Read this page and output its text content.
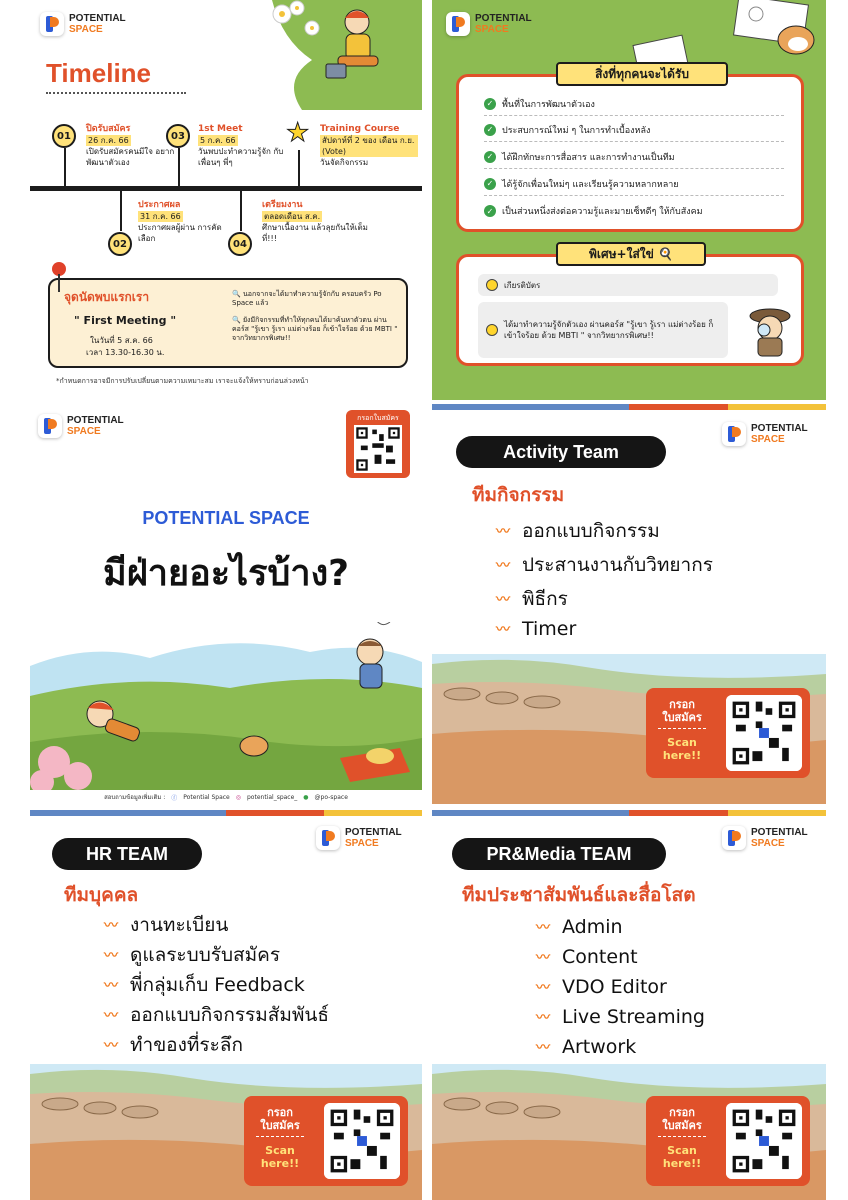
POTENTIAL
SPACE
Timeline
01
ปิดรับสมัคร
26 ก.ค. 66
เปิดรับสมัครคนมีใจ อยากพัฒนาตัวเอง
03
1st Meet
5 ก.ค. 66
วันพบปะทำความรู้จัก กับเพื่อนๆ พี่ๆ
★ Training Course
สัปดาห์ที่ 2 ของ เดือน ก.ย. (Vote)
วันจัดกิจกรรม
02
ประกาศผล
31 ก.ค. 66
ประกาศผลผู้ผ่าน การคัดเลือก	04
เตรียมงาน
ตลอดเดือน ส.ค.
ศึกษาเนื้องาน แล้วลุยกันให้เต็มที่!!!
จุดนัดพบแรกเรา
" First Meeting "
ในวันที่ 5 ส.ค. 66
เวลา 13.30-16.30 น.
🔍 นอกจากจะได้มาทำความรู้จักกับ ครอบครัว Po Space แล้ว
🔍 ยังมีกิจกรรมที่ทำให้ทุกคนได้มาค้นหาตัวตน ผ่านคอร์ส "รู้เขา รู้เรา แม่ต่างร้อย ก็เข้าใจร้อย ด้วย MBTI " จากวิทยากรพิเศษ!!
*กำหนดการอาจมีการปรับเปลี่ยนตามความเหมาะสม เราจะแจ้งให้ทราบก่อนล่วงหน้า
POTENTIAL
SPACE
สิ่งที่ทุกคนจะได้รับ
✓ พื้นที่ในการพัฒนาตัวเอง
✓ ประสบการณ์ใหม่ ๆ ในการทำเบื้องหลัง
✓ ได้ฝึกทักษะการสื่อสาร และการทำงานเป็นทีม
✓ ได้รู้จักเพื่อนใหม่ๆ และเรียนรู้ความหลากหลาย
✓ เป็นส่วนหนึ่งส่งต่อความรู้และมายเซ็ทดีๆ ให้กับสังคม
พิเศษ+ใส่ใข่
🍳
เกียรติบัตร
ได้มาทำความรู้จักตัวเอง ผ่านคอร์ส "รู้เขา รู้เรา แม่ต่างร้อย ก็เข้าใจร้อย ด้วย MBTI " จากวิทยากรพิเศษ!!
POTENTIAL
SPACE
กรอกใบสมัคร
POTENTIAL SPACE
มีฝ่ายอะไรบ้าง?
สอบถามข้อมูลเพิ่มเติม : ⓕ Potential Space ◎ potential_space_ ● @po-space
POTENTIAL
SPACE
Activity Team
ทีมกิจกรรม
〰 ออกแบบกิจกรรม
〰 ประสานงานกับวิทยากร
〰 พิธีกร
〰 Timer
กรอก
ใบสมัคร
Scan
here!!
POTENTIAL
SPACE
HR TEAM
ทีมบุคคล
〰 งานทะเบียน
〰 ดูแลระบบรับสมัคร
〰 พี่กลุ่มเก็บ Feedback
〰 ออกแบบกิจกรรมสัมพันธ์
〰 ทำของที่ระลึก
กรอก
ใบสมัคร
Scan
here!!
POTENTIAL
SPACE
PR&Media TEAM
ทีมประชาสัมพันธ์และสื่อโสต
〰 Admin
〰 Content
〰 VDO Editor
〰 Live Streaming
〰 Artwork
กรอก
ใบสมัคร
Scan
here!!
